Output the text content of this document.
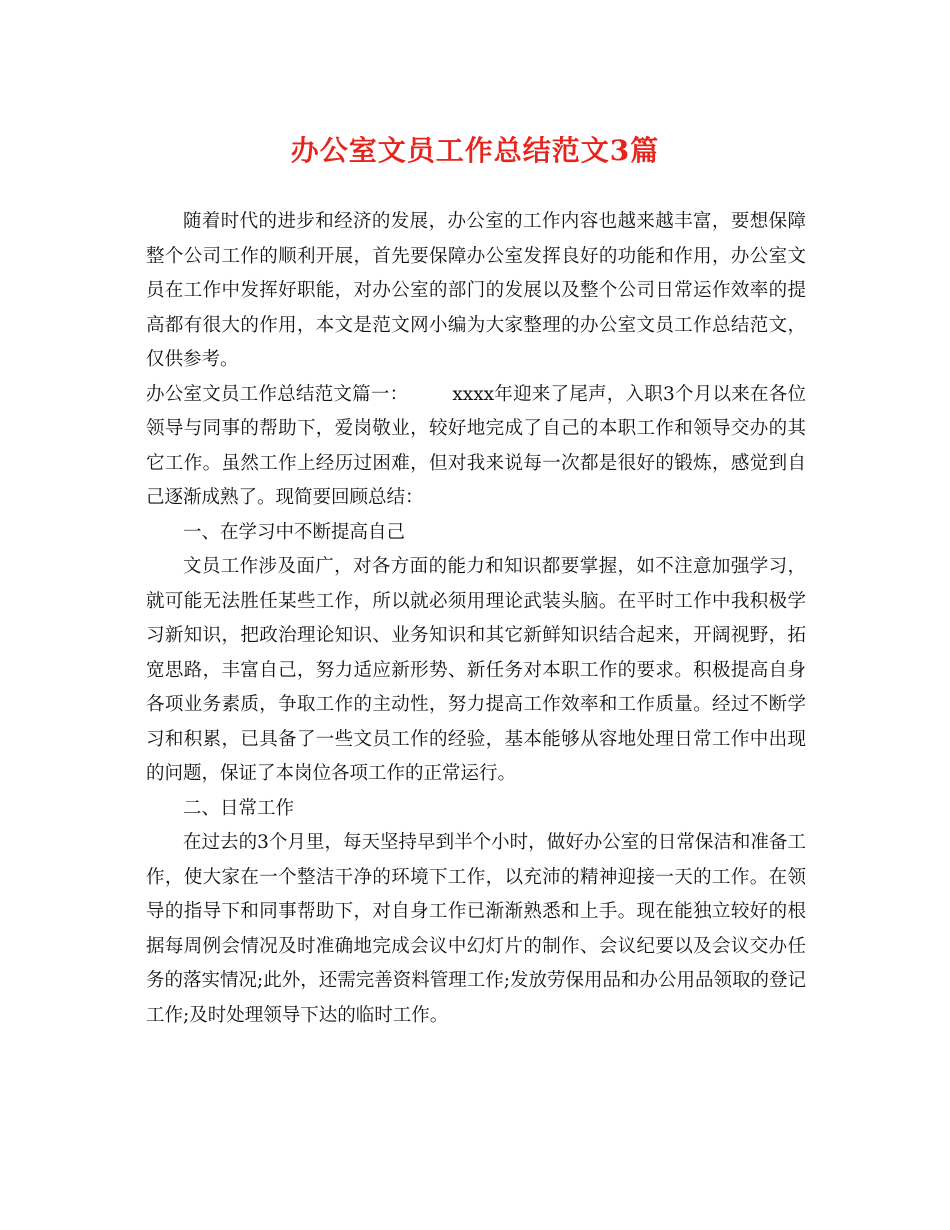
办公室文员工作总结范文3篇

随着时代的进步和经济的发展，办公室的工作内容也越来越丰富，要想保障整个公司工作的顺利开展，首先要保障办公室发挥良好的功能和作用，办公室文员在工作中发挥好职能，对办公室的部门的发展以及整个公司日常运作效率的提高都有很大的作用，本文是范文网小编为大家整理的办公室文员工作总结范文，仅供参考。

办公室文员工作总结范文篇一： xxxx年迎来了尾声，入职3个月以来在各位领导与同事的帮助下，爱岗敬业，较好地完成了自己的本职工作和领导交办的其它工作。虽然工作上经历过困难，但对我来说每一次都是很好的锻炼，感觉到自己逐渐成熟了。现简要回顾总结：

一、在学习中不断提高自己

文员工作涉及面广，对各方面的能力和知识都要掌握，如不注意加强学习，就可能无法胜任某些工作，所以就必须用理论武装头脑。在平时工作中我积极学习新知识，把政治理论知识、业务知识和其它新鲜知识结合起来，开阔视野，拓宽思路，丰富自己，努力适应新形势、新任务对本职工作的要求。积极提高自身各项业务素质，争取工作的主动性，努力提高工作效率和工作质量。经过不断学习和积累，已具备了一些文员工作的经验，基本能够从容地处理日常工作中出现的问题，保证了本岗位各项工作的正常运行。

二、日常工作

在过去的3个月里，每天坚持早到半个小时，做好办公室的日常保洁和准备工作，使大家在一个整洁干净的环境下工作，以充沛的精神迎接一天的工作。在领导的指导下和同事帮助下，对自身工作已渐渐熟悉和上手。现在能独立较好的根据每周例会情况及时准确地完成会议中幻灯片的制作、会议纪要以及会议交办任务的落实情况;此外，还需完善资料管理工作;发放劳保用品和办公用品领取的登记工作;及时处理领导下达的临时工作。
